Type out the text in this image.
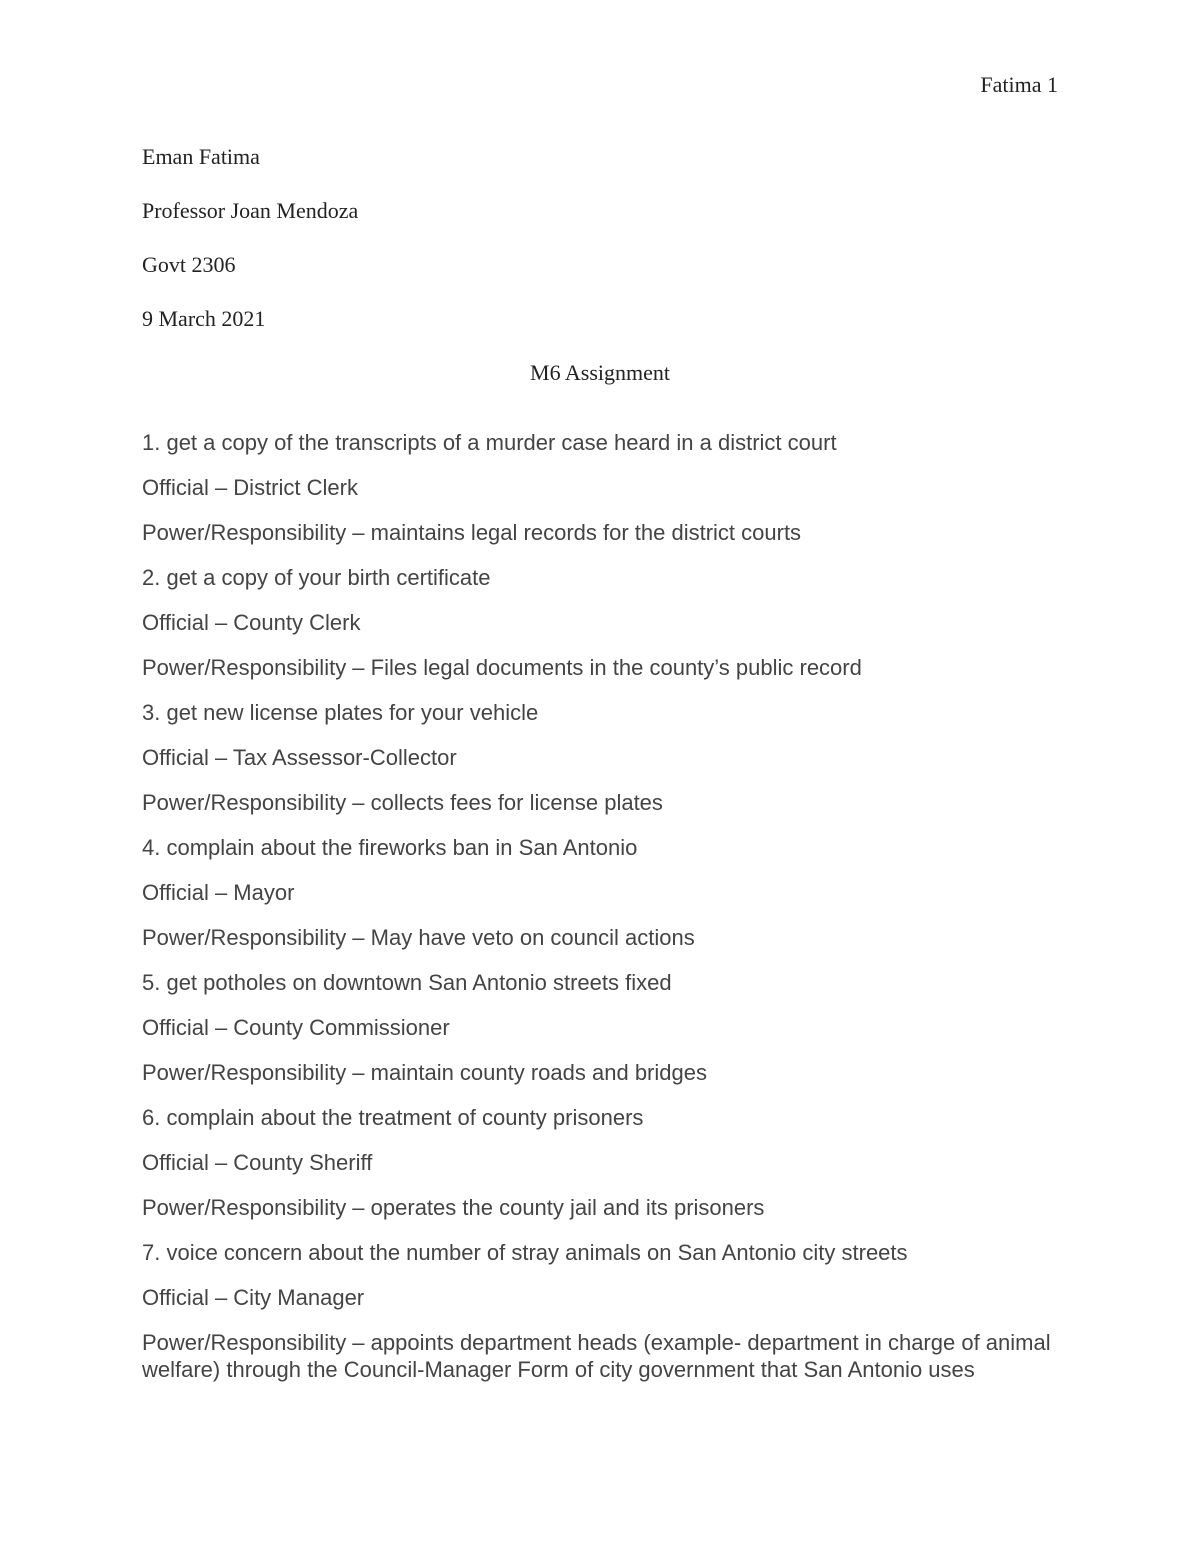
Fatima 1
Eman Fatima
Professor Joan Mendoza
Govt 2306
9 March 2021
M6 Assignment
1. get a copy of the transcripts of a murder case heard in a district court
Official – District Clerk
Power/Responsibility – maintains legal records for the district courts
2. get a copy of your birth certificate
Official – County Clerk
Power/Responsibility – Files legal documents in the county’s public record
3. get new license plates for your vehicle
Official – Tax Assessor-Collector
Power/Responsibility – collects fees for license plates
4. complain about the fireworks ban in San Antonio
Official – Mayor
Power/Responsibility – May have veto on council actions
5. get potholes on downtown San Antonio streets fixed
Official – County Commissioner
Power/Responsibility – maintain county roads and bridges
6. complain about the treatment of county prisoners
Official – County Sheriff
Power/Responsibility – operates the county jail and its prisoners
7. voice concern about the number of stray animals on San Antonio city streets
Official – City Manager
Power/Responsibility – appoints department heads (example- department in charge of animal welfare) through the Council-Manager Form of city government that San Antonio uses
